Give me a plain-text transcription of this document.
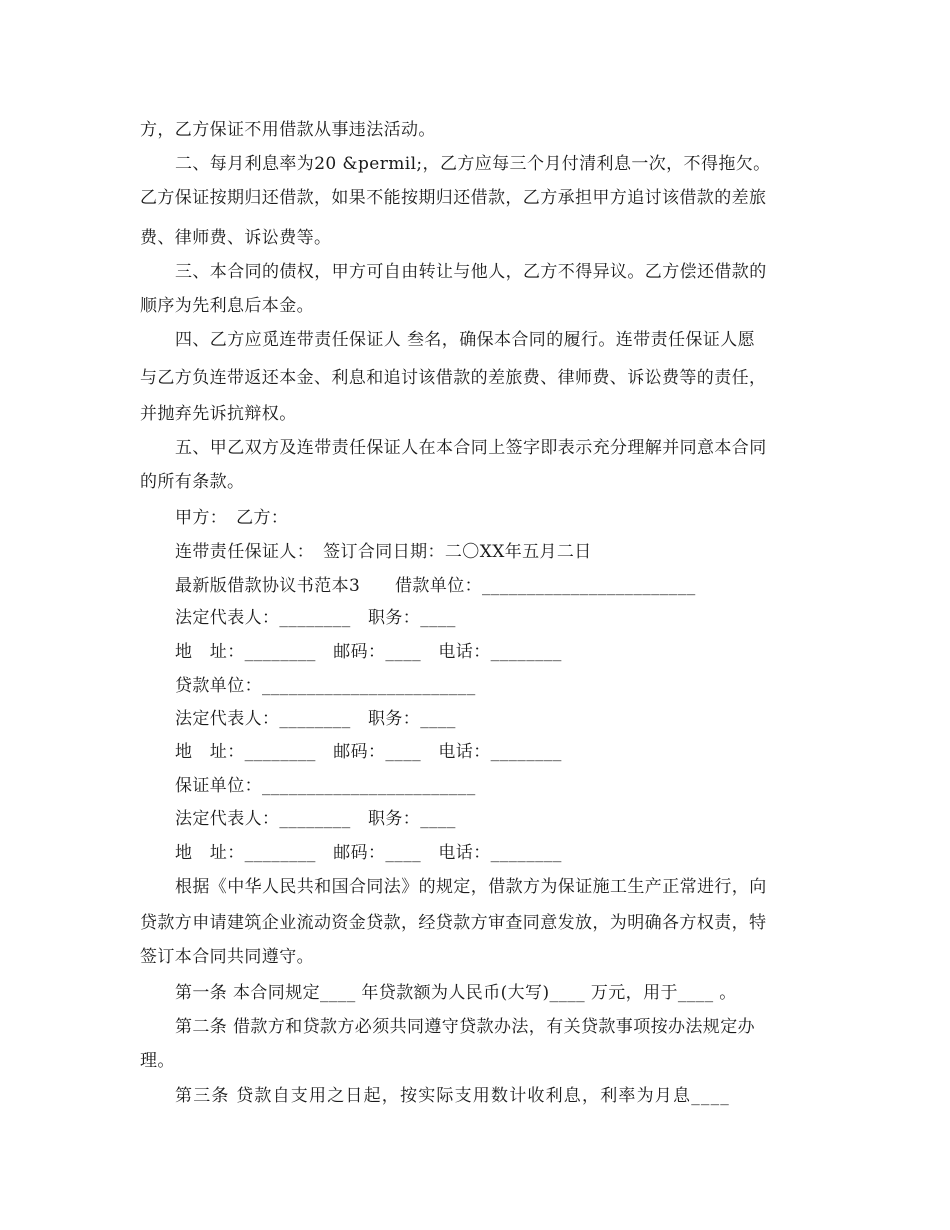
方，乙方保证不用借款从事违法活动。
二、每月利息率为20 &permil;，乙方应每三个月付清利息一次，不得拖欠。
乙方保证按期归还借款，如果不能按期归还借款，乙方承担甲方追讨该借款的差旅
费、律师费、诉讼费等。
三、本合同的债权，甲方可自由转让与他人，乙方不得异议。乙方偿还借款的
顺序为先利息后本金。
四、乙方应觅连带责任保证人 叁名，确保本合同的履行。连带责任保证人愿
与乙方负连带返还本金、利息和追讨该借款的差旅费、律师费、诉讼费等的责任，
并抛弃先诉抗辩权。
五、甲乙双方及连带责任保证人在本合同上签字即表示充分理解并同意本合同
的所有条款。
甲方：　乙方：
连带责任保证人：　签订合同日期：二〇XX年五月二日
最新版借款协议书范本3　　借款单位：________________________
法定代表人：________　职务：____
地　址：________　邮码：____　电话：________
贷款单位：________________________
法定代表人：________　职务：____
地　址：________　邮码：____　电话：________
保证单位：________________________
法定代表人：________　职务：____
地　址：________　邮码：____　电话：________
根据《中华人民共和国合同法》的规定，借款方为保证施工生产正常进行，向
贷款方申请建筑企业流动资金贷款，经贷款方审查同意发放，为明确各方权责，特
签订本合同共同遵守。
第一条 本合同规定____ 年贷款额为人民币(大写)____ 万元，用于____ 。
第二条 借款方和贷款方必须共同遵守贷款办法，有关贷款事项按办法规定办
理。
第三条 贷款自支用之日起，按实际支用数计收利息，利率为月息____
